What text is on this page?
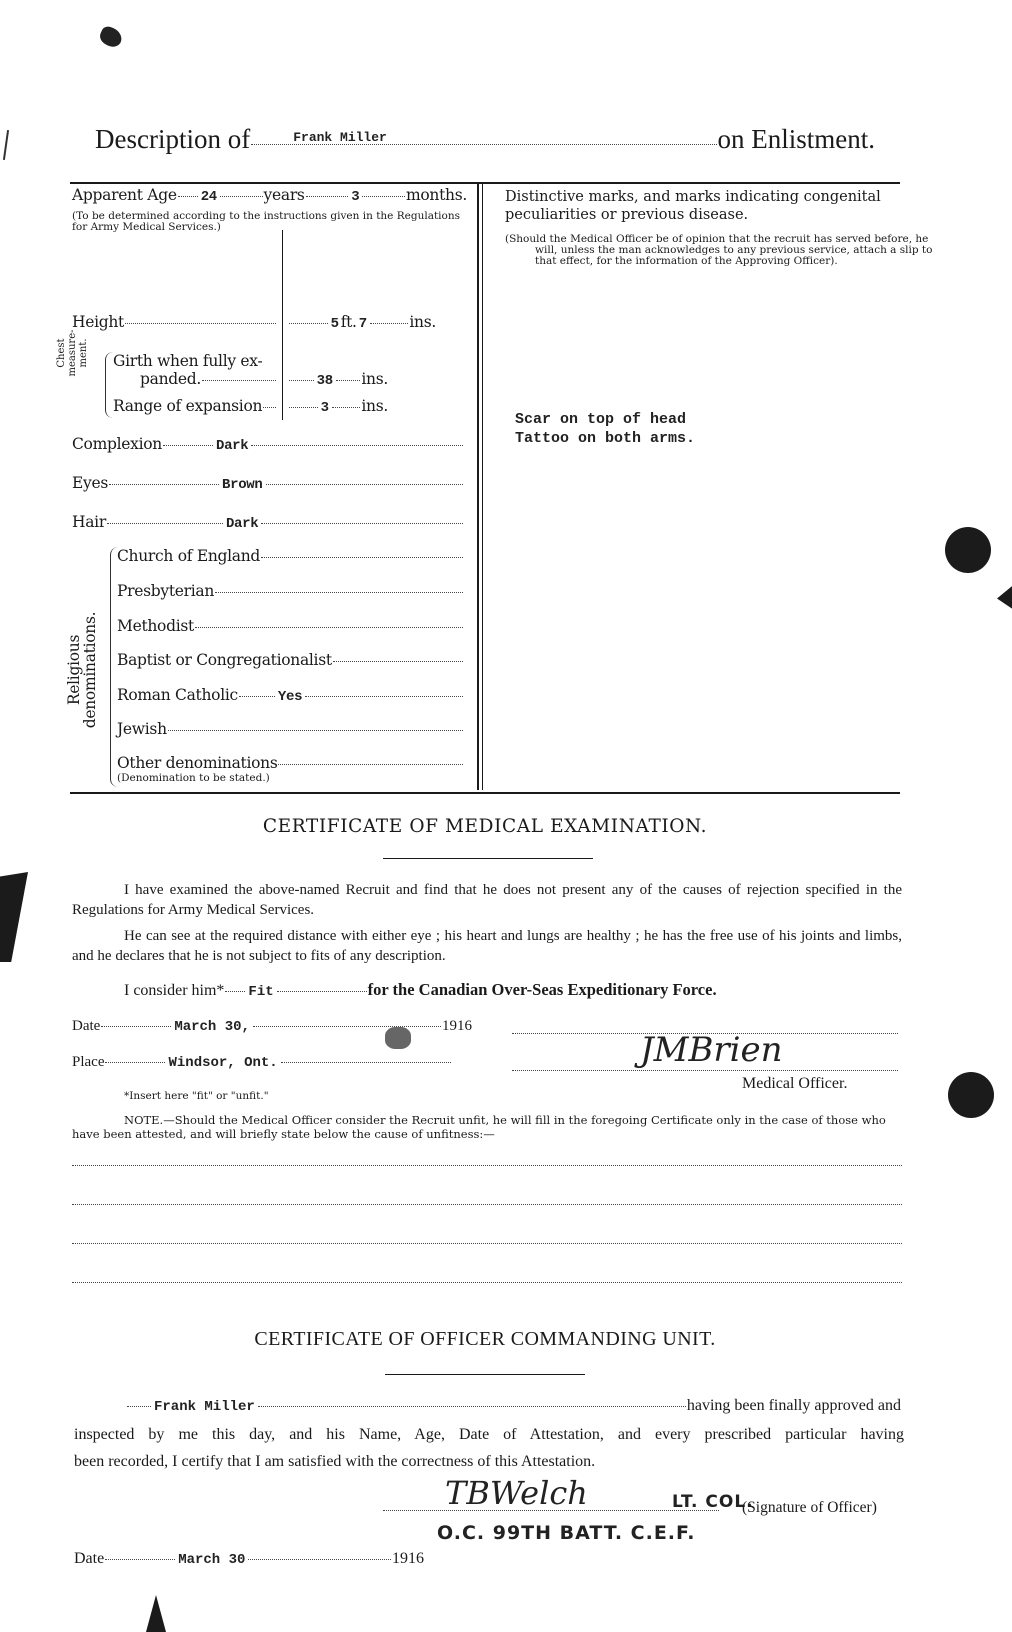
Description of	Frank Miller	on Enlistment.
Apparent Age 24	years	3	months.
(To be determined according to the instructions given in the Regulations for Army Medical Services.)
Height	5 ft. 7	ins.
Chest measure-ment. Girth when fully ex-
panded.	38 ins.
Range of expansion	3 ins.
Complexion	Dark
Eyes	Brown
Hair	Dark
Religious
denominations.
Church of England
Presbyterian
Methodist
Baptist or Congregationalist
Roman Catholic	Yes
Jewish
Other denominations
(Denomination to be stated.)
Distinctive marks, and marks indicating congenital peculiarities or previous disease.
(Should the Medical Officer be of opinion that the recruit has served before, he will, unless the man acknowledges to any previous service, attach a slip to that effect, for the information of the Approving Officer).
Scar on top of head
Tattoo on both arms.
CERTIFICATE OF MEDICAL EXAMINATION.
I have examined the above-named Recruit and find that he does not present any of the causes of rejection specified in the Regulations for Army Medical Services.
He can see at the required distance with either eye ; his heart and lungs are healthy ; he has the free use of his joints and limbs, and he declares that he is not subject to fits of any description.
I consider him* Fit	for the Canadian Over-Seas Expeditionary Force.
Date	March 30,	1916
Place	Windsor, Ont.	JMBrien
Medical Officer.
*Insert here "fit" or "unfit."
NOTE.—Should the Medical Officer consider the Recruit unfit, he will fill in the foregoing Certificate only in the case of those who have been attested, and will briefly state below the cause of unfitness:—
CERTIFICATE OF OFFICER COMMANDING UNIT.
Frank Miller	having been finally approved and
inspected by me this day, and his Name, Age, Date of Attestation, and every prescribed particular having
been recorded, I certify that I am satisfied with the correctness of this Attestation.
TBWelch	LT. COL.
(Signature of Officer)
O.C. 99TH BATT. C.E.F.
Date	March 30	1916
